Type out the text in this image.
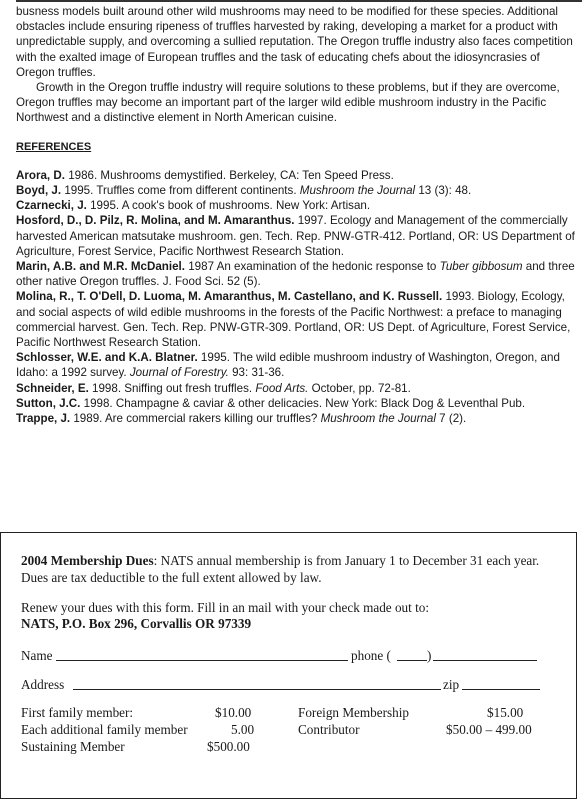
busness models built around other wild mushrooms may need to be modified for these species. Additional obstacles include ensuring ripeness of truffles harvested by raking, developing a market for a product with unpredictable supply, and overcoming a sullied reputation. The Oregon truffle industry also faces competition with the exalted image of European truffles and the task of educating chefs about the idiosyncrasies of Oregon truffles.

Growth in the Oregon truffle industry will require solutions to these problems, but if they are overcome, Oregon truffles may become an important part of the larger wild edible mushroom industry in the Pacific Northwest and a distinctive element in North American cuisine.

REFERENCES

Arora, D. 1986. Mushrooms demystified. Berkeley, CA: Ten Speed Press.

Boyd, J. 1995. Truffles come from different continents. Mushroom the Journal 13 (3): 48.

Czarnecki, J. 1995. A cook's book of mushrooms. New York: Artisan.

Hosford, D., D. Pilz, R. Molina, and M. Amaranthus. 1997. Ecology and Management of the commercially harvested American matsutake mushroom. gen. Tech. Rep. PNW-GTR-412. Portland, OR: US Department of Agriculture, Forest Service, Pacific Northwest Research Station.

Marin, A.B. and M.R. McDaniel. 1987 An examination of the hedonic response to Tuber gibbosum and three other native Oregon truffles. J. Food Sci. 52 (5).

Molina, R., T. O'Dell, D. Luoma, M. Amaranthus, M. Castellano, and K. Russell. 1993. Biology, Ecology, and social aspects of wild edible mushrooms in the forests of the Pacific Northwest: a preface to managing commercial harvest. Gen. Tech. Rep. PNW-GTR-309. Portland, OR: US Dept. of Agriculture, Forest Service, Pacific Northwest Research Station.

Schlosser, W.E. and K.A. Blatner. 1995. The wild edible mushroom industry of Washington, Oregon, and Idaho: a 1992 survey. Journal of Forestry. 93: 31-36.

Schneider, E. 1998. Sniffing out fresh truffles. Food Arts. October, pp. 72-81.

Sutton, J.C. 1998. Champagne & caviar & other delicacies. New York: Black Dog & Leventhal Pub.

Trappe, J. 1989. Are commercial rakers killing our truffles? Mushroom the Journal 7 (2).

2004 Membership Dues: NATS annual membership is from January 1 to December 31 each year. Dues are tax deductible to the full extent allowed by law.

Renew your dues with this form. Fill in an mail with your check made out to:

NATS, P.O. Box 296, Corvallis OR 97339

Name	phone (	)
Address	zip
First family member:	$10.00	Foreign Membership	$15.00
Each additional family member	5.00	Contributor	$50.00 – 499.00
Sustaining Member	$500.00
